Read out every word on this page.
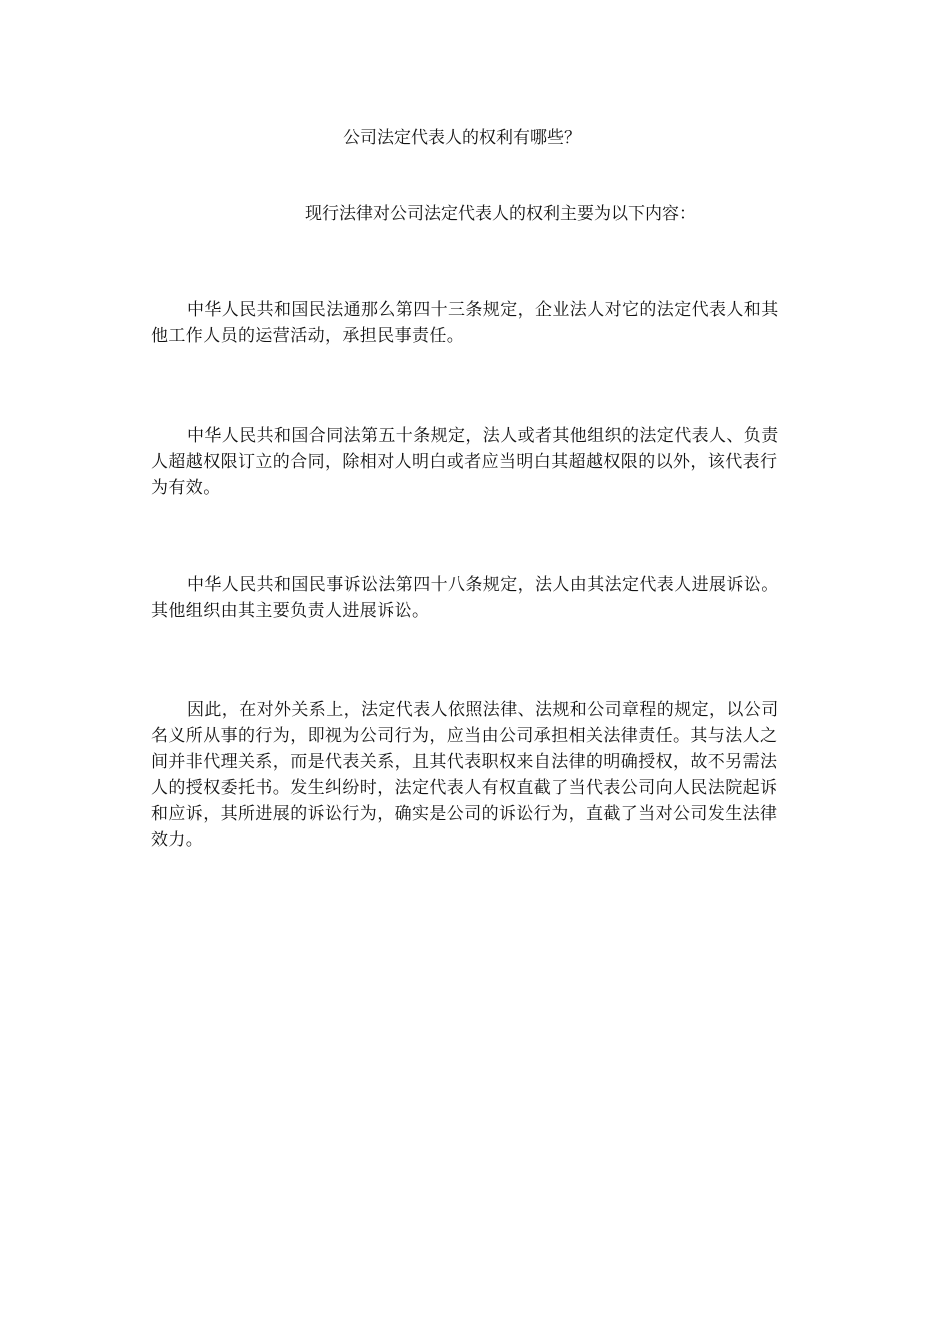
公司法定代表人的权利有哪些？

现行法律对公司法定代表人的权利主要为以下内容：

中华人民共和国民法通那么第四十三条规定，企业法人对它的法定代表人和其他工作人员的运营活动，承担民事责任。

中华人民共和国合同法第五十条规定，法人或者其他组织的法定代表人、负责人超越权限订立的合同，除相对人明白或者应当明白其超越权限的以外，该代表行为有效。

中华人民共和国民事诉讼法第四十八条规定，法人由其法定代表人进展诉讼。其他组织由其主要负责人进展诉讼。

因此，在对外关系上，法定代表人依照法律、法规和公司章程的规定，以公司名义所从事的行为，即视为公司行为，应当由公司承担相关法律责任。其与法人之间并非代理关系，而是代表关系，且其代表职权来自法律的明确授权，故不另需法人的授权委托书。发生纠纷时，法定代表人有权直截了当代表公司向人民法院起诉和应诉，其所进展的诉讼行为，确实是公司的诉讼行为，直截了当对公司发生法律效力。
